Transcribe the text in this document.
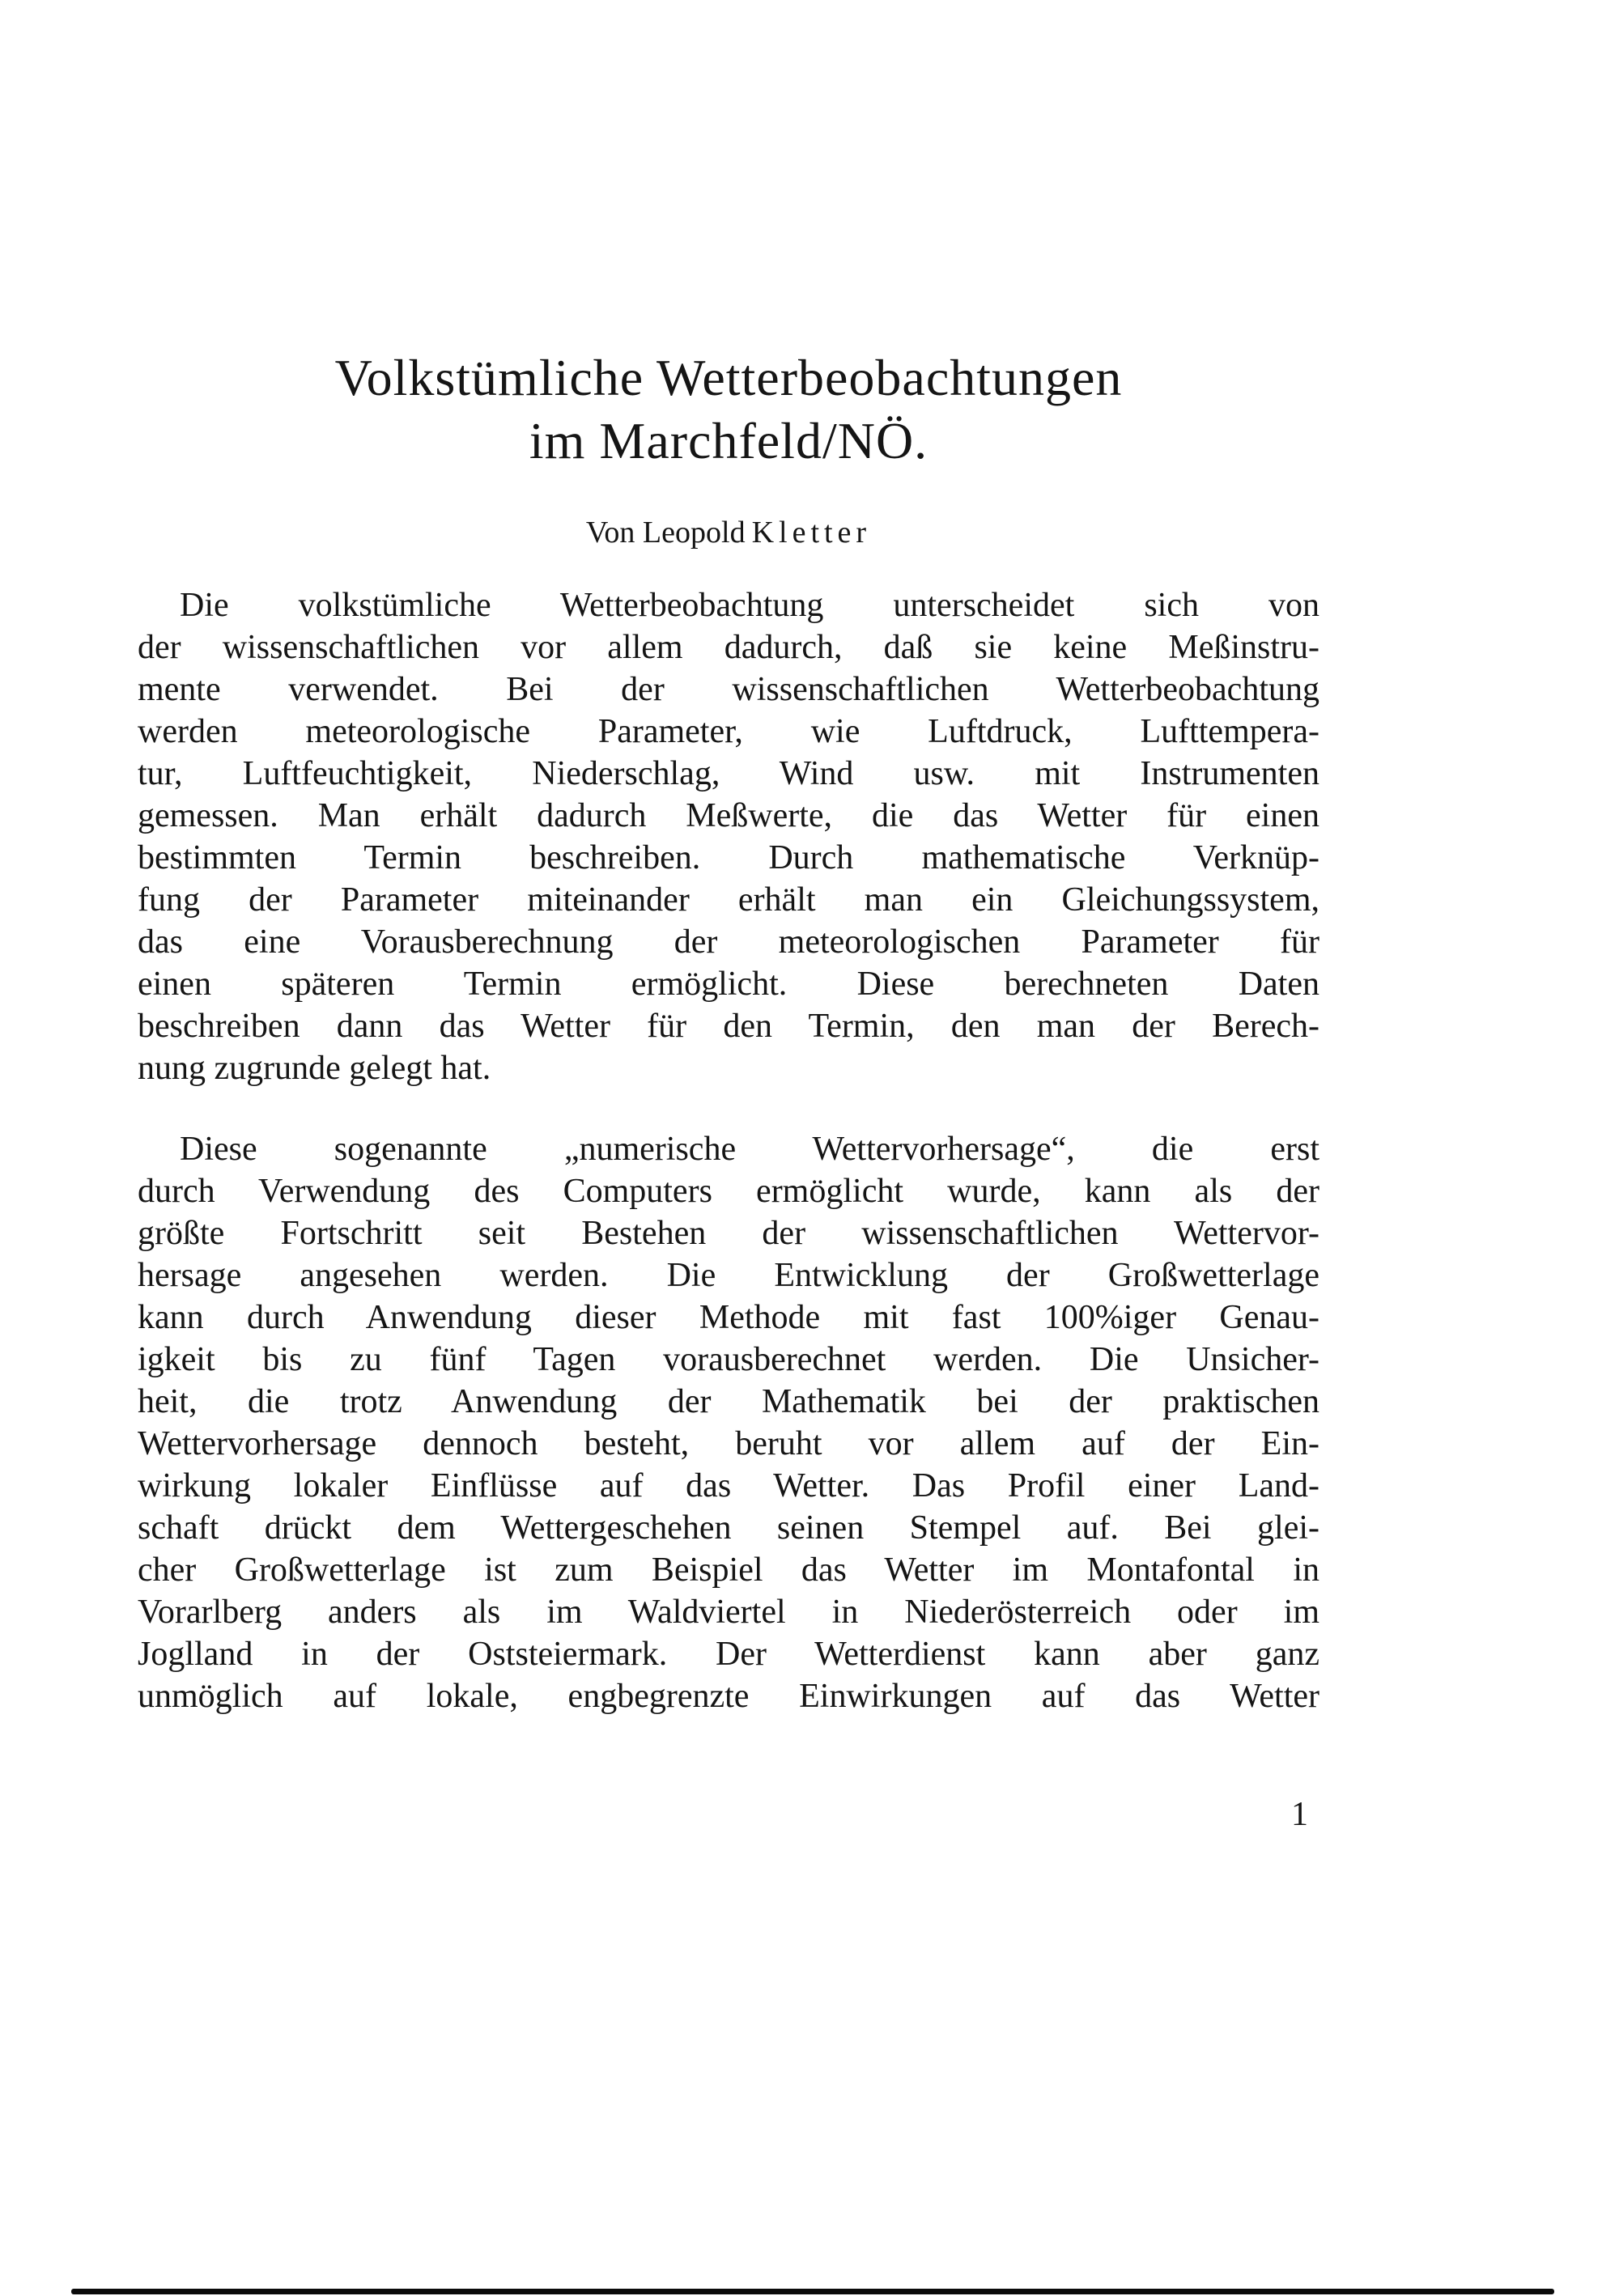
Volkstümliche Wetterbeobachtungen
im Marchfeld/NÖ.
Von Leopold Kletter
Die volkstümliche Wetterbeobachtung unterscheidet sich von
der wissenschaftlichen vor allem dadurch, daß sie keine Meßinstru-
mente verwendet. Bei der wissenschaftlichen Wetterbeobachtung
werden meteorologische Parameter, wie Luftdruck, Lufttempera-
tur, Luftfeuchtigkeit, Niederschlag, Wind usw. mit Instrumenten
gemessen. Man erhält dadurch Meßwerte, die das Wetter für einen
bestimmten Termin beschreiben. Durch mathematische Verknüp-
fung der Parameter miteinander erhält man ein Gleichungssystem,
das eine Vorausberechnung der meteorologischen Parameter für
einen späteren Termin ermöglicht. Diese berechneten Daten
beschreiben dann das Wetter für den Termin, den man der Berech-
nung zugrunde gelegt hat.
Diese sogenannte „numerische Wettervorhersage“, die erst
durch Verwendung des Computers ermöglicht wurde, kann als der
größte Fortschritt seit Bestehen der wissenschaftlichen Wettervor-
hersage angesehen werden. Die Entwicklung der Großwetterlage
kann durch Anwendung dieser Methode mit fast 100%iger Genau-
igkeit bis zu fünf Tagen vorausberechnet werden. Die Unsicher-
heit, die trotz Anwendung der Mathematik bei der praktischen
Wettervorhersage dennoch besteht, beruht vor allem auf der Ein-
wirkung lokaler Einflüsse auf das Wetter. Das Profil einer Land-
schaft drückt dem Wettergeschehen seinen Stempel auf. Bei glei-
cher Großwetterlage ist zum Beispiel das Wetter im Montafontal in
Vorarlberg anders als im Waldviertel in Niederösterreich oder im
Joglland in der Oststeiermark. Der Wetterdienst kann aber ganz
unmöglich auf lokale, engbegrenzte Einwirkungen auf das Wetter
1
